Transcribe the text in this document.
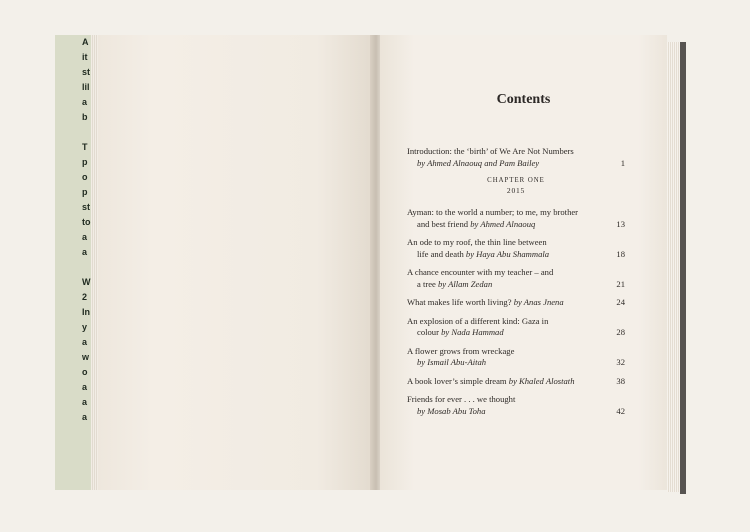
A
it
st
lil
a
b

T
p
o
p
st
to
a
a

W
2
In
y
a
w
o
a
a
a
Contents
Introduction: the ‘birth’ of We Are Not Numbers
by Ahmed Alnaouq and Pam Bailey	1
CHAPTER ONE
2015
Ayman: to the world a number; to me, my brother
and best friend by Ahmed Alnaouq	13
An ode to my roof, the thin line between
life and death by Haya Abu Shammala	18
A chance encounter with my teacher – and
a tree by Allam Zedan	21
What makes life worth living? by Anas Jnena	24
An explosion of a different kind: Gaza in
colour by Nada Hammad	28
A flower grows from wreckage
by Ismail Abu-Aitah	32
A book lover’s simple dream by Khaled Alostath	38
Friends for ever . . . we thought
by Mosab Abu Toha	42
